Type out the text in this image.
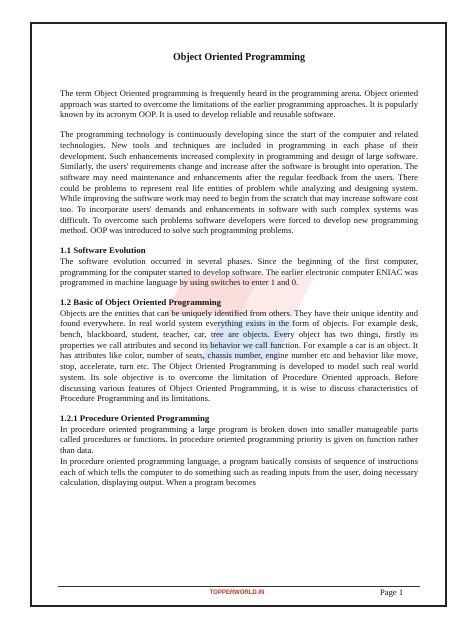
Object Oriented Programming

The term Object Oriented programming is frequently heard in the programming arena. Object oriented approach was started to overcome the limitations of the earlier programming approaches. It is popularly known by its acronym OOP. It is used to develop reliable and reusable software.

The programming technology is continuously developing since the start of the computer and related technologies. New tools and techniques are included in programming in each phase of their development. Such enhancements increased complexity in programming and design of large software. Similarly, the users' requirements change and increase after the software is brought into operation. The software may need maintenance and enhancements after the regular feedback from the users. There could be problems to represent real life entities of problem while analyzing and designing system. While improving the software work may need to begin from the scratch that may increase software cost too. To incorporate users' demands and enhancements in software with such complex systems was difficult. To overcome such problems software developers were forced to develop new programming method. OOP was introduced to solve such programming problems.

1.1 Software Evolution

The software evolution occurred in several phases. Since the beginning of the first computer, programming for the computer started to develop software. The earlier electronic computer ENIAC was programmed in machine language by using switches to enter 1 and 0.

1.2 Basic of Object Oriented Programming

Objects are the entities that can be uniquely identified from others. They have their unique identity and found everywhere. In real world system everything exists in the form of objects. For example desk, bench, blackboard, student, teacher, car, tree are objects. Every object has two things, firstly its properties we call attributes and second its behavior we call function. For example a car is an object. It has attributes like color, number of seats, chassis number, engine number etc and behavior like move, stop, accelerate, turn etc. The Object Oriented Programming is developed to model such real world system. Its sole objective is to overcome the limitation of Procedure Oriented approach. Before discussing various features of Object Oriented Programming, it is wise to discuss characteristics of Procedure Programming and its limitations.

1.2.1 Procedure Oriented Programming

In procedure oriented programming a large program is broken down into smaller manageable parts called procedures or functions. In procedure oriented programming priority is given on function rather than data.

In procedure oriented programming language, a program basically consists of sequence of instructions each of which tells the computer to do something such as reading inputs from the user, doing necessary calculation, displaying output. When a program becomes

TOPPERWORLD.IN	Page 1
